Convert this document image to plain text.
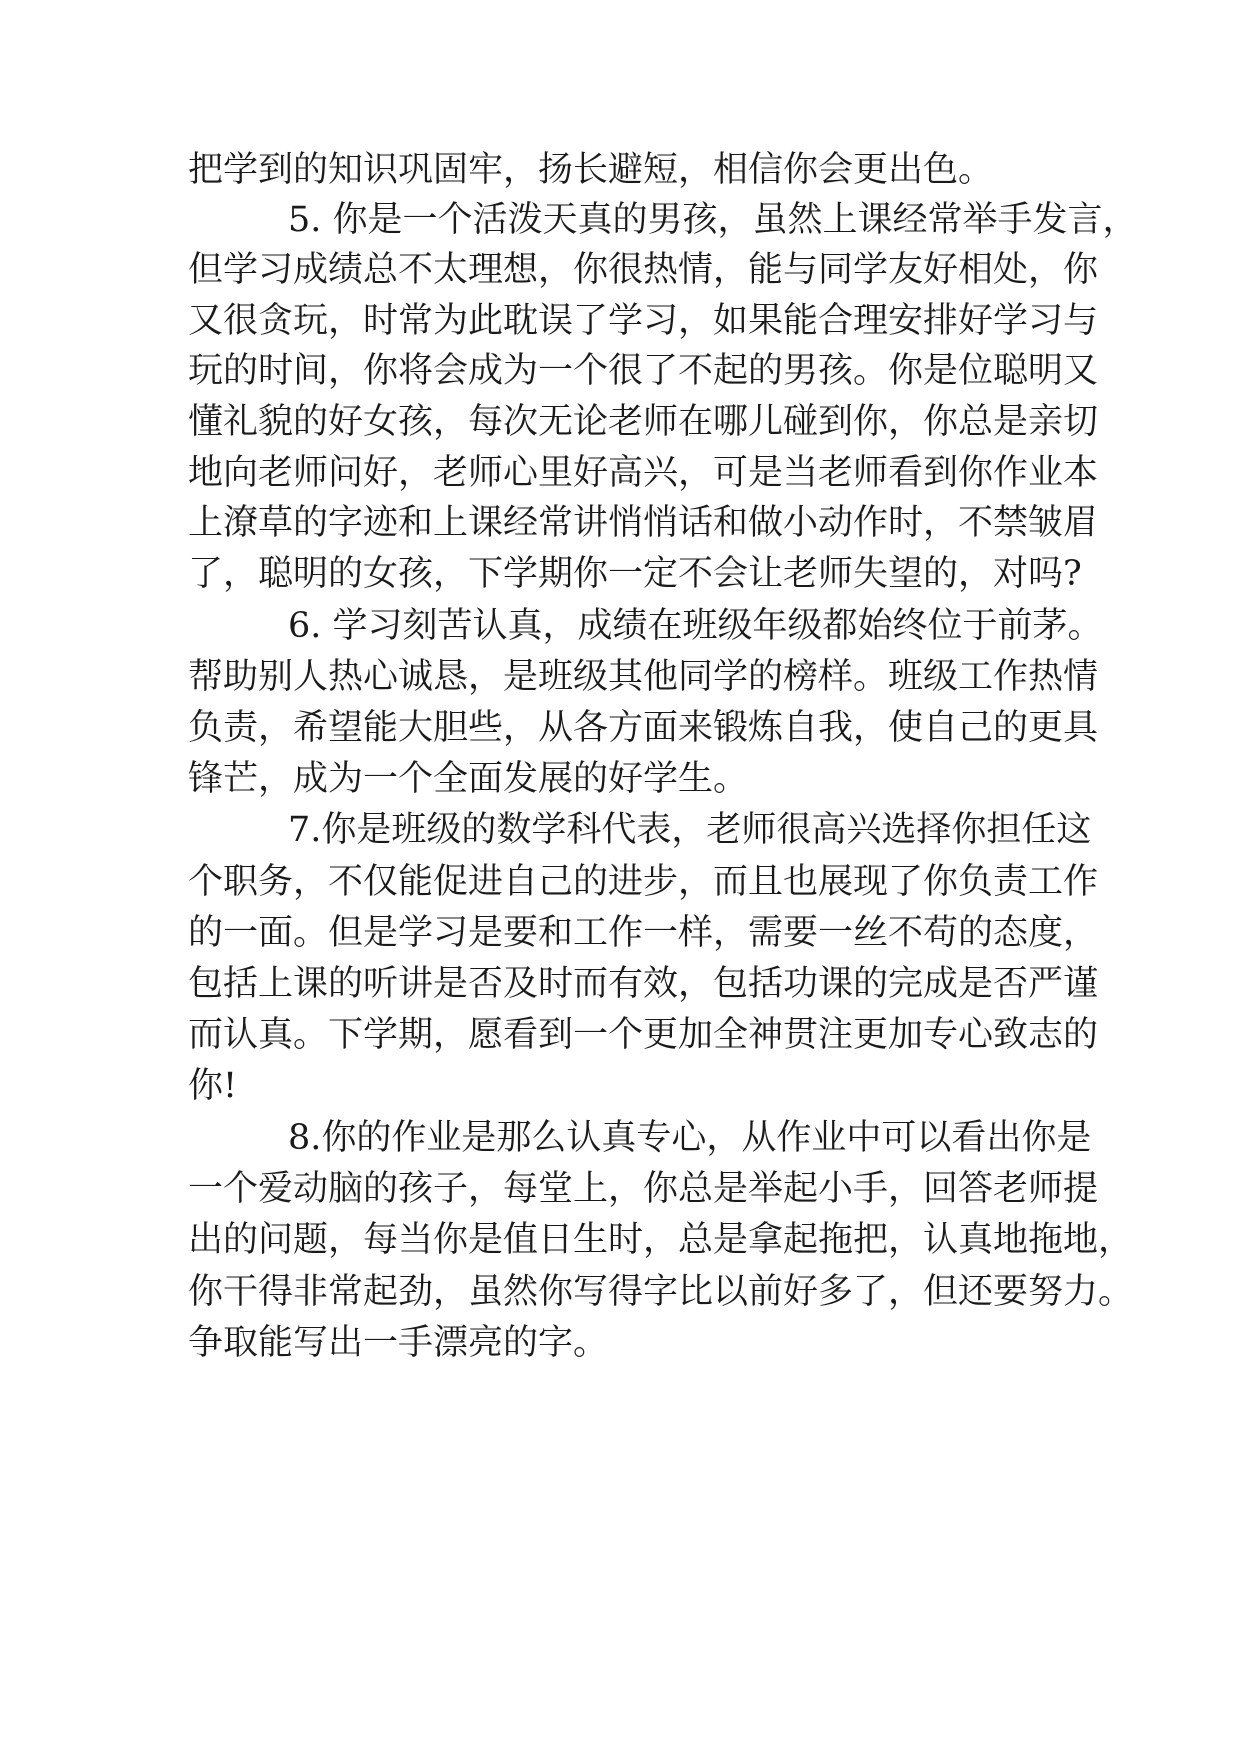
把学到的知识巩固牢，扬长避短，相信你会更出色。
5. 你是一个活泼天真的男孩，虽然上课经常举手发言，
但学习成绩总不太理想，你很热情，能与同学友好相处，你
又很贪玩，时常为此耽误了学习，如果能合理安排好学习与
玩的时间，你将会成为一个很了不起的男孩。你是位聪明又
懂礼貌的好女孩，每次无论老师在哪儿碰到你，你总是亲切
地向老师问好，老师心里好高兴，可是当老师看到你作业本
上潦草的字迹和上课经常讲悄悄话和做小动作时，不禁皱眉
了，聪明的女孩，下学期你一定不会让老师失望的，对吗?
6. 学习刻苦认真，成绩在班级年级都始终位于前茅。
帮助别人热心诚恳，是班级其他同学的榜样。班级工作热情
负责，希望能大胆些，从各方面来锻炼自我，使自己的更具
锋芒，成为一个全面发展的好学生。
7.你是班级的数学科代表，老师很高兴选择你担任这
个职务，不仅能促进自己的进步，而且也展现了你负责工作
的一面。但是学习是要和工作一样，需要一丝不苟的态度，
包括上课的听讲是否及时而有效，包括功课的完成是否严谨
而认真。下学期，愿看到一个更加全神贯注更加专心致志的
你!
8.你的作业是那么认真专心，从作业中可以看出你是
一个爱动脑的孩子，每堂上，你总是举起小手，回答老师提
出的问题，每当你是值日生时，总是拿起拖把，认真地拖地，
你干得非常起劲，虽然你写得字比以前好多了，但还要努力。
争取能写出一手漂亮的字。
